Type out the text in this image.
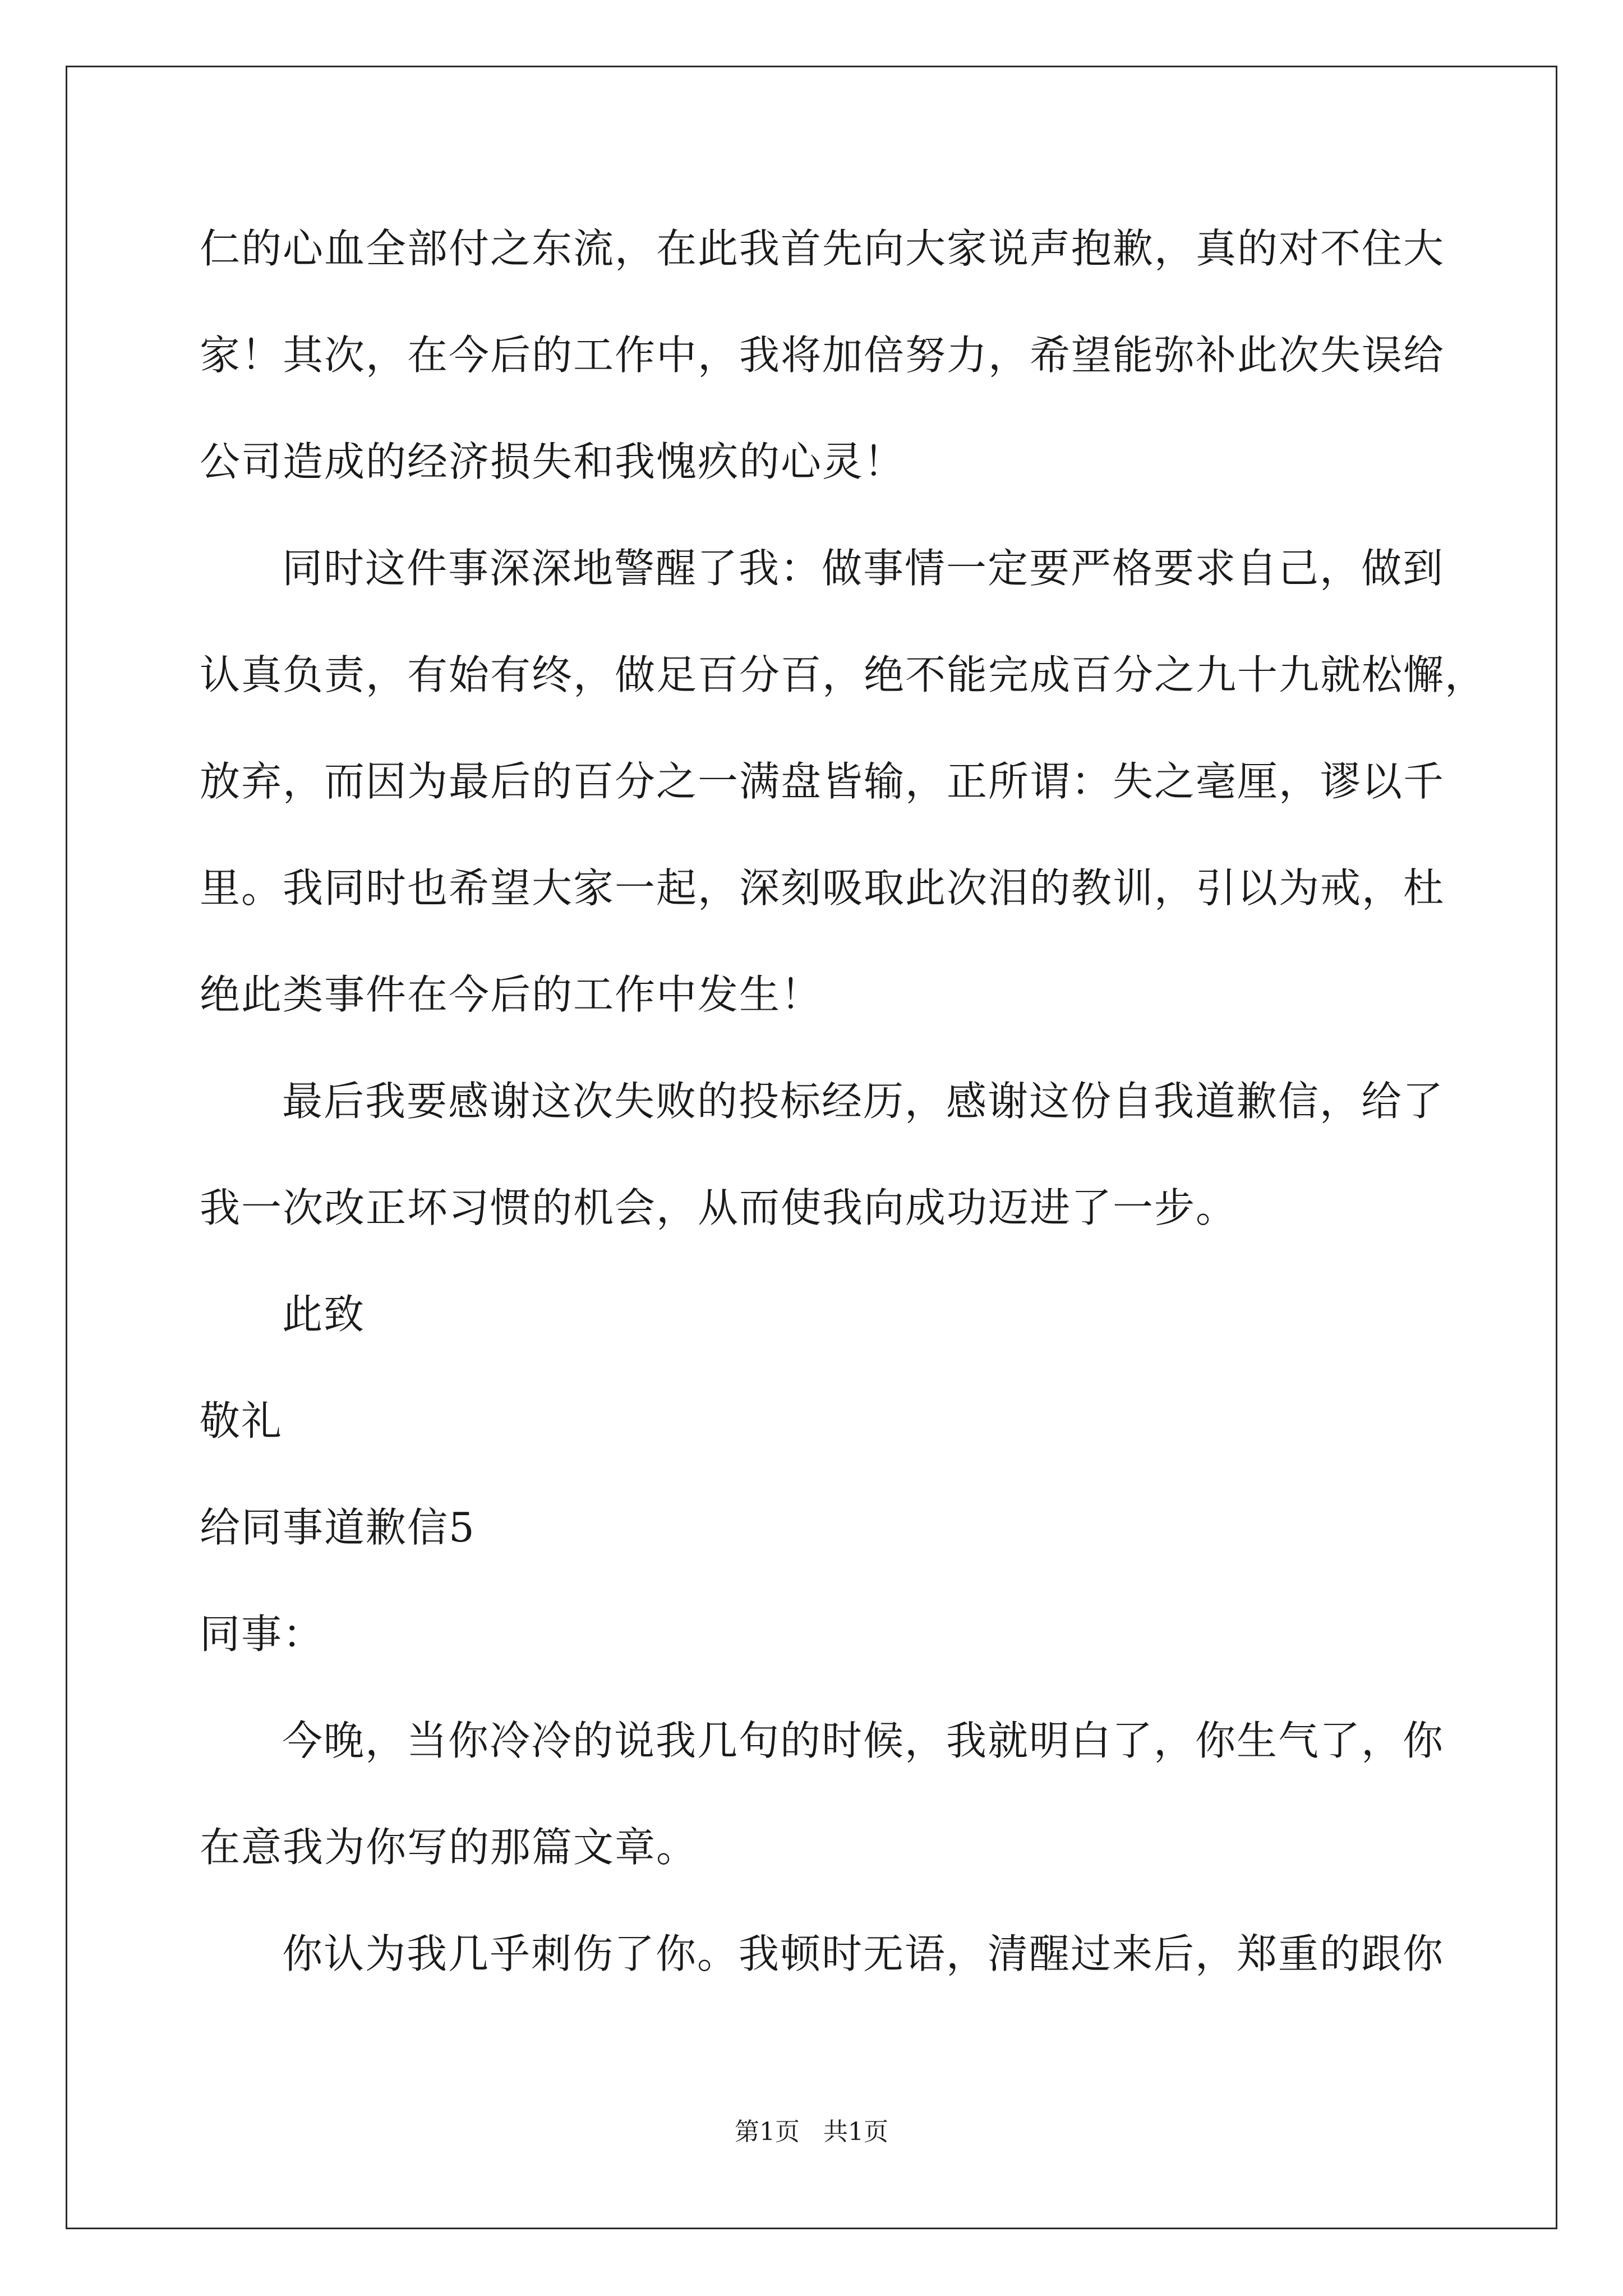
仁的心血全部付之东流，在此我首先向大家说声抱歉，真的对不住大
家！其次，在今后的工作中，我将加倍努力，希望能弥补此次失误给
公司造成的经济损失和我愧疚的心灵！
同时这件事深深地警醒了我：做事情一定要严格要求自己，做到
认真负责，有始有终，做足百分百，绝不能完成百分之九十九就松懈，
放弃，而因为最后的百分之一满盘皆输，正所谓：失之毫厘，谬以千
里。我同时也希望大家一起，深刻吸取此次泪的教训，引以为戒，杜
绝此类事件在今后的工作中发生！
最后我要感谢这次失败的投标经历，感谢这份自我道歉信，给了
我一次改正坏习惯的机会，从而使我向成功迈进了一步。
此致
敬礼
给同事道歉信5
同事：
今晚，当你冷冷的说我几句的时候，我就明白了，你生气了，你
在意我为你写的那篇文章。
你认为我几乎刺伤了你。我顿时无语，清醒过来后，郑重的跟你
第1页 共1页
